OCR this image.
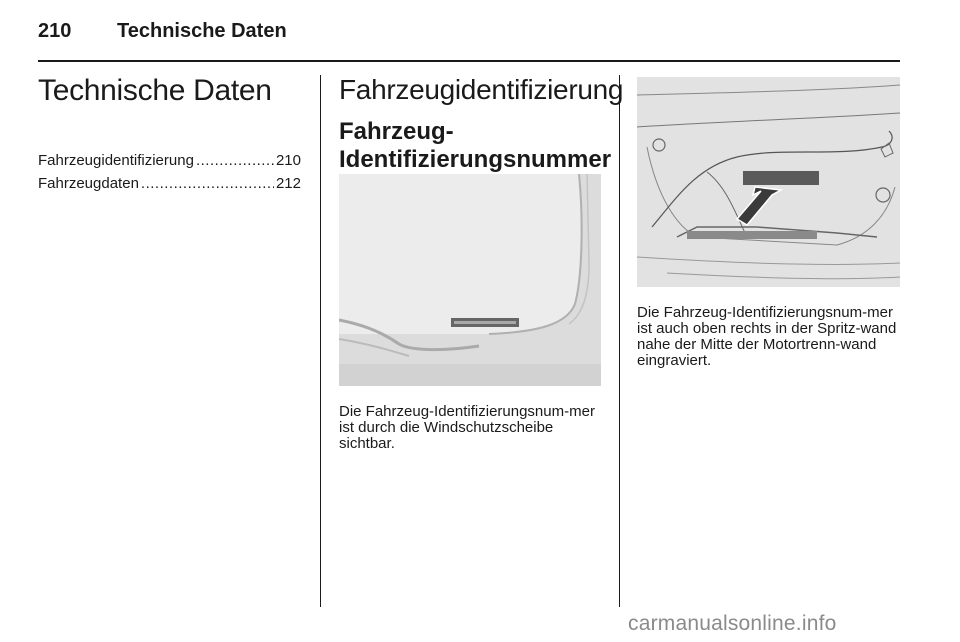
210 Technische Daten
Technische Daten
Fahrzeugidentifizierung .....	210
Fahrzeugdaten .....	212
Fahrzeugidentifizierung
Fahrzeug-
Identifizierungsnummer

Die Fahrzeug-Identifizierungsnum-mer ist durch die Windschutzscheibe sichtbar.

Die Fahrzeug-Identifizierungsnum-mer ist auch oben rechts in der Spritz-wand nahe der Mitte der Motortrenn-wand eingraviert.

carmanualsonline.info
